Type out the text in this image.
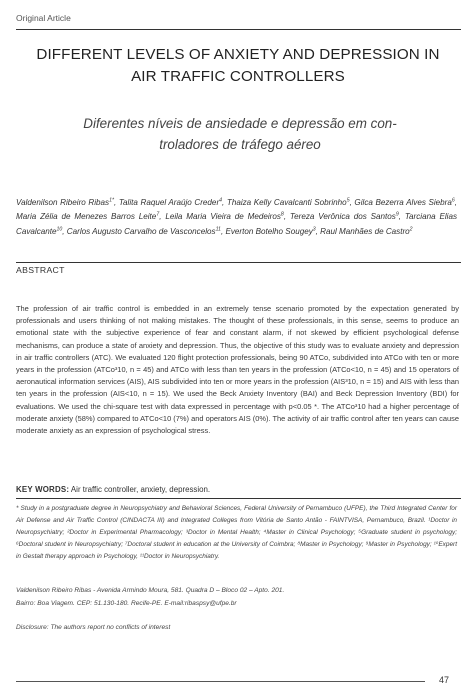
Original Article
DIFFERENT LEVELS OF ANXIETY AND DEPRESSION IN
AIR TRAFFIC CONTROLLERS
Diferentes níveis de ansiedade e depressão em con-
troladores de tráfego aéreo
Valdenilson Ribeiro Ribas$^{1*}$, Talita Raquel Araújo Creder$^4$, Thaiza Kelly Cavalcanti Sobrinho$^5$, Gilca Bezerra Alves Siebra$^6$, Maria Zélia de Menezes Barros Leite$^7$, Leila Maria Vieira de Medeiros$^8$, Tereza Verônica dos Santos$^9$, Tarciana Elias Cavalcante$^{10}$, Carlos Augusto Carvalho de Vasconcelos$^{11}$, Everton Botelho Sougey$^3$, Raul Manhães de Castro$^2$
ABSTRACT

The profession of air traffic control is embedded in an extremely tense scenario promoted by the expectation generated by professionals and users thinking of not making mistakes. The thought of these professionals, in this sense, seems to produce an emotional state with the subjective experience of fear and constant alarm, if not skewed by efficient psychological defense mechanisms, can produce a state of anxiety and depression. Thus, the objective of this study was to evaluate anxiety and depression in air traffic controllers (ATC). We evaluated 120 flight protection professionals, being 90 ATCo, subdivided into ATCo with ten or more years in the profession (ATCo³10, n = 45) and ATCo with less than ten years in the profession (ATCo<10, n = 45) and 15 operators of aeronautical information services (AIS), AIS subdivided into ten or more years in the profession (AIS³10, n = 15) and AIS with less than ten years in the profession (AIS<10, n = 15). We used the Beck Anxiety Inventory (BAI) and Beck Depression Inventory (BDI) for evaluations. We used the chi-square test with data expressed in percentage with p<0.05 *. The ATCo³10 had a higher percentage of moderate anxiety (58%) compared to ATCo<10 (7%) and operators AIS (0%). The activity of air traffic control after ten years can cause moderate anxiety as an expression of psychological stress.

KEY WORDS: Air traffic controller, anxiety, depression.

* Study in a postgraduate degree in Neuropsychiatry and Behavioral Sciences, Federal University of Pernambuco (UFPE), the Third Integrated Center for Air Defense and Air Traffic Control (CINDACTA III) and Integrated Colleges from Vitória de Santo Antão - FAINTVISA, Pernambuco, Brazil. ¹Doctor in Neuropsychiatry; ²Doctor in Experimental Pharmacology; ³Doctor in Mental Health; ⁴Master in Clinical Psychology; ⁵Graduate student in psychology; ⁶Doctoral student in Neuropsychiatry; ⁷Doctoral student in education at the University of Coimbra; ⁸Master in Psychology; ⁹Master in Psychology; ¹⁰Expert in Gestalt therapy approach in Psychology, ¹¹Doctor in Neuropsychiatry.

Valdenilson Ribeiro Ribas - Avenida Armindo Moura, 581. Quadra D – Bloco 02 – Apto. 201.
Bairro: Boa Viagem. CEP: 51.130-180. Recife-PE. E-mail:ribaspsy@ufpe.br
Disclosure: The authors report no conflicts of interest
47
